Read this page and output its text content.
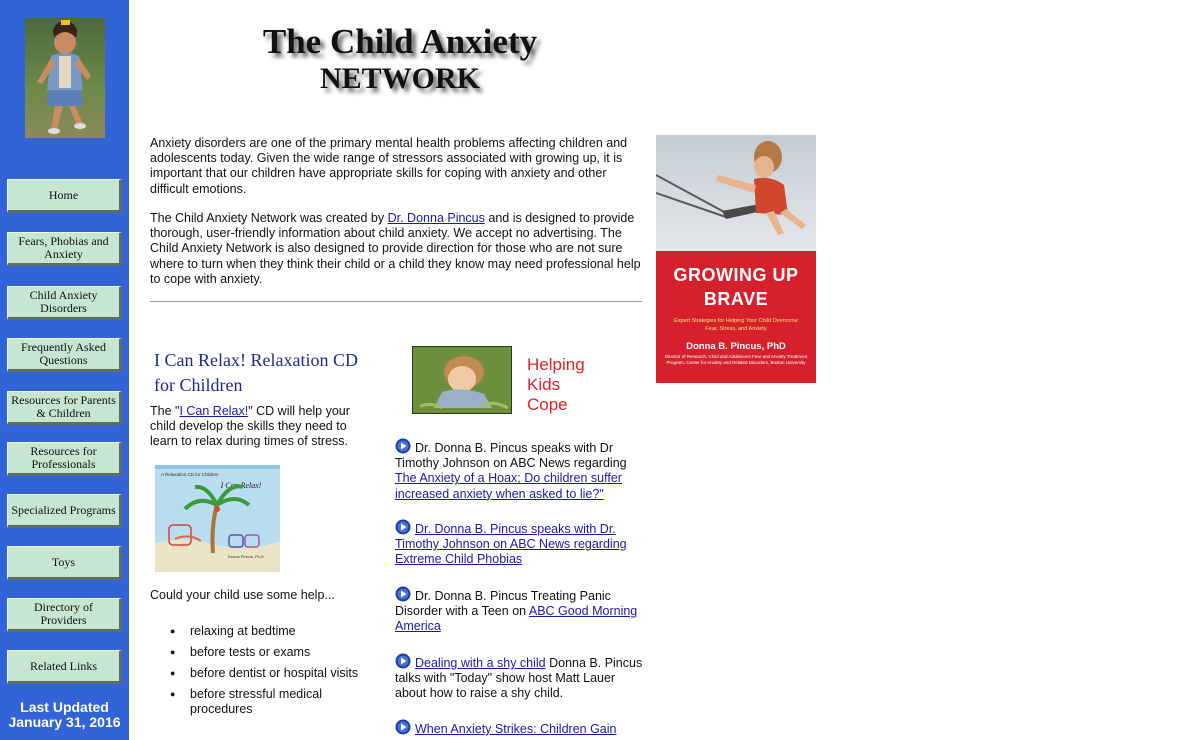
Home
Fears, Phobias and Anxiety
Child Anxiety Disorders
Frequently Asked Questions
Resources for Parents & Children
Resources for Professionals
Specialized Programs
Toys
Directory of Providers
Related Links
Last Updated
January 31, 2016
The Child Anxiety
NETWORK

Anxiety disorders are one of the primary mental health problems affecting children and adolescents today. Given the wide range of stressors associated with growing up, it is important that our children have appropriate skills for coping with anxiety and other difficult emotions.

The Child Anxiety Network was created by Dr. Donna Pincus and is designed to provide thorough, user-friendly information about child anxiety. We accept no advertising. The Child Anxiety Network is also designed to provide direction for those who are not sure where to turn when they think their child or a child they know may need professional help to cope with anxiety.	GROWING UP
BRAVE
Expert Strategies for Helping Your Child Overcome Fear, Stress, and Anxiety
Donna B. Pincus, PhD
Director of Research, Child and Adolescent Fear and Anxiety Treatment Program, Center for Anxiety and Related Disorders, Boston University
I Can Relax! Relaxation CD for Children
The "I Can Relax!" CD will help your child develop the skills they need to learn to relax during times of stress.
A Relaxation CD for Children
I Can Relax!
Donna Pincus, Ph.D.
Could your child use some help...
● relaxing at bedtime
● before tests or exams
● before dentist or hospital visits
● before stressful medical procedures
Helping
Kids
Cope
Dr. Donna B. Pincus speaks with Dr Timothy Johnson on ABC News regarding The Anxiety of a Hoax; Do children suffer increased anxiety when asked to lie?"
Dr. Donna B. Pincus speaks with Dr. Timothy Johnson on ABC News regarding Extreme Child Phobias
Dr. Donna B. Pincus Treating Panic Disorder with a Teen on ABC Good Morning America
Dealing with a shy child Donna B. Pincus talks with "Today" show host Matt Lauer about how to raise a shy child.
When Anxiety Strikes: Children Gain
